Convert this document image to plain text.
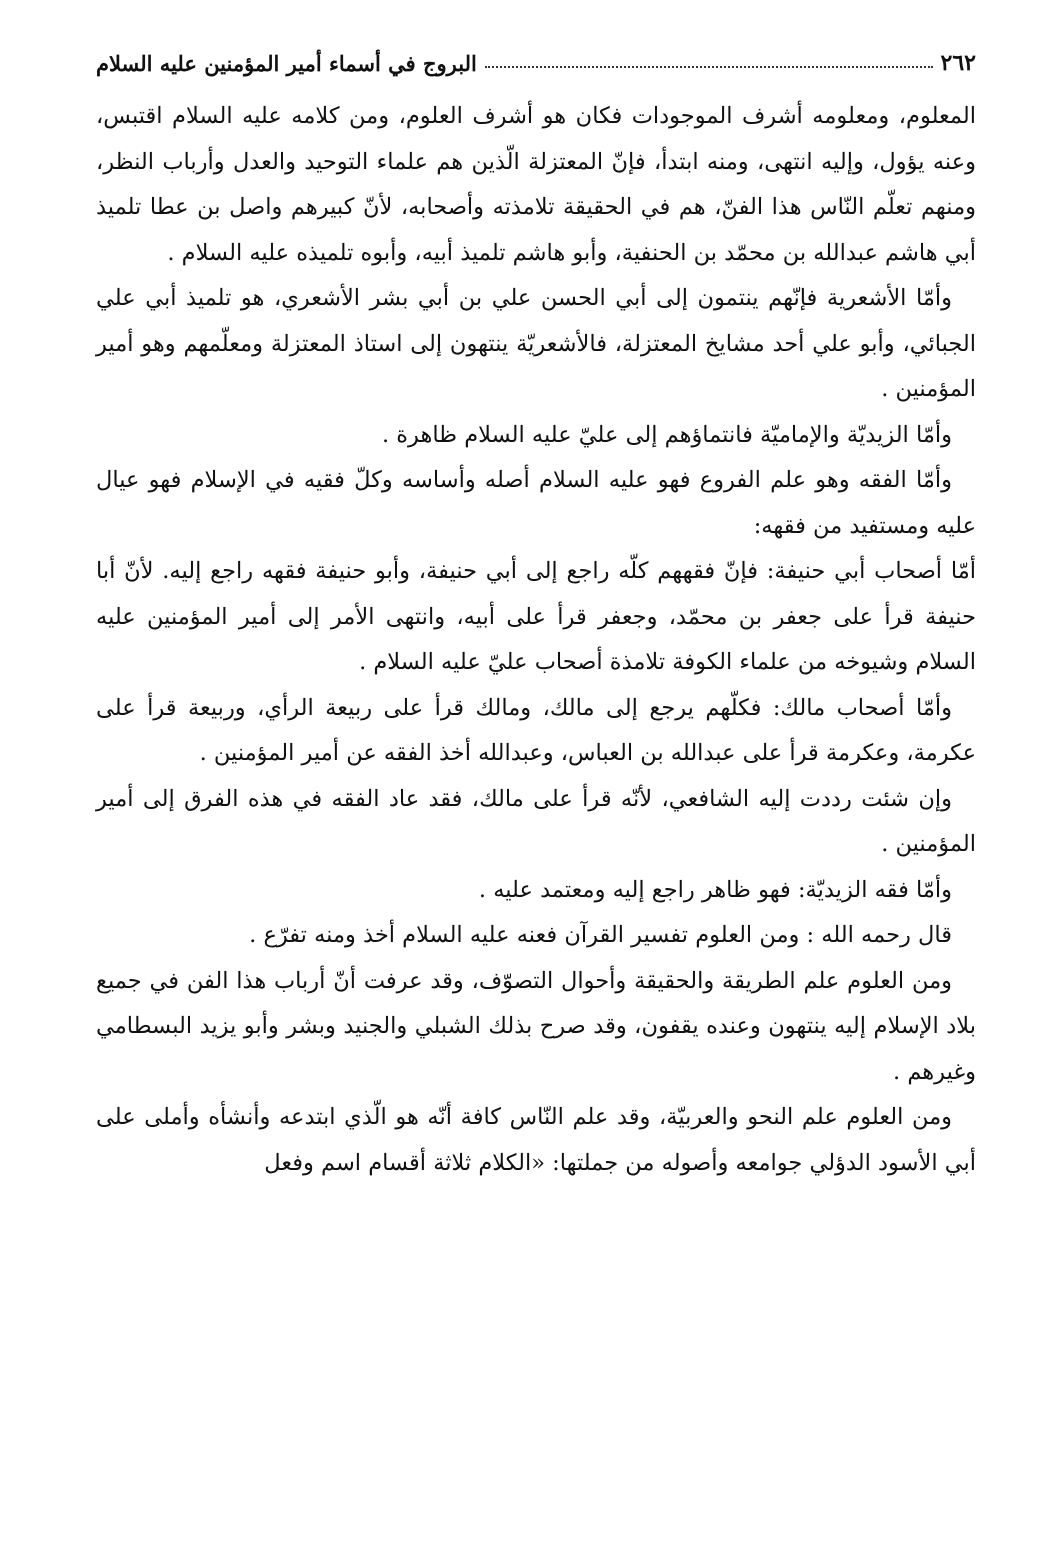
٢٦٢
البروج في أسماء أمير المؤمنين عليه السلام

المعلوم، ومعلومه أشرف الموجودات فكان هو أشرف العلوم، ومن كلامه عليه السلام اقتبس، وعنه يؤول، وإليه انتهى، ومنه ابتدأ، فإنّ المعتزلة الّذين هم علماء التوحيد والعدل وأرباب النظر، ومنهم تعلّم النّاس هذا الفنّ، هم في الحقيقة تلامذته وأصحابه، لأنّ كبيرهم واصل بن عطا تلميذ أبي هاشم عبدالله بن محمّد بن الحنفية، وأبو هاشم تلميذ أبيه، وأبوه تلميذه عليه السلام .

وأمّا الأشعرية فإنّهم ينتمون إلى أبي الحسن علي بن أبي بشر الأشعري، هو تلميذ أبي علي الجبائي، وأبو علي أحد مشايخ المعتزلة، فالأشعريّة ينتهون إلى استاذ المعتزلة ومعلّمهم وهو أمير المؤمنين .

وأمّا الزيديّة والإماميّة فانتماؤهم إلى عليّ عليه السلام ظاهرة .

وأمّا الفقه وهو علم الفروع فهو عليه السلام أصله وأساسه وكلّ فقيه في الإسلام فهو عيال عليه ومستفيد من فقهه:

أمّا أصحاب أبي حنيفة: فإنّ فقههم كلّه راجع إلى أبي حنيفة، وأبو حنيفة فقهه راجع إليه. لأنّ أبا حنيفة قرأ على جعفر بن محمّد، وجعفر قرأ على أبيه، وانتهى الأمر إلى أمير المؤمنين عليه السلام وشيوخه من علماء الكوفة تلامذة أصحاب عليّ عليه السلام .

وأمّا أصحاب مالك: فكلّهم يرجع إلى مالك، ومالك قرأ على ربيعة الرأي، وربيعة قرأ على عكرمة، وعكرمة قرأ على عبدالله بن العباس، وعبدالله أخذ الفقه عن أمير المؤمنين .

وإن شئت رددت إليه الشافعي، لأنّه قرأ على مالك، فقد عاد الفقه في هذه الفرق إلى أمير المؤمنين .

وأمّا فقه الزيديّة: فهو ظاهر راجع إليه ومعتمد عليه .

قال رحمه الله : ومن العلوم تفسير القرآن فعنه عليه السلام أخذ ومنه تفرّع .

ومن العلوم علم الطريقة والحقيقة وأحوال التصوّف، وقد عرفت أنّ أرباب هذا الفن في جميع بلاد الإسلام إليه ينتهون وعنده يقفون، وقد صرح بذلك الشبلي والجنيد وبشر وأبو يزيد البسطامي وغيرهم .

ومن العلوم علم النحو والعربيّة، وقد علم النّاس كافة أنّه هو الّذي ابتدعه وأنشأه وأملى على أبي الأسود الدؤلي جوامعه وأصوله من جملتها: «الكلام ثلاثة أقسام اسم وفعل
